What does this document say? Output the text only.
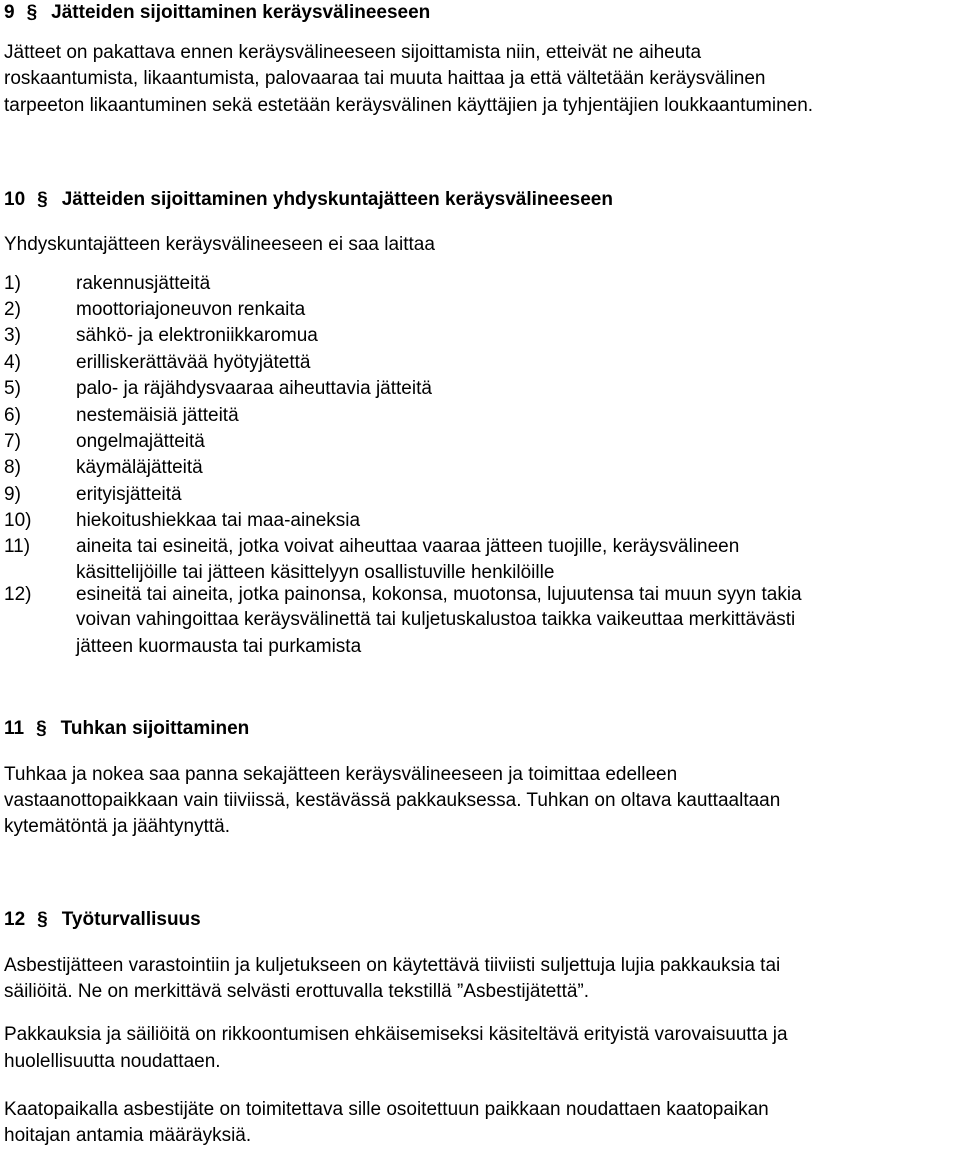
9 § Jätteiden sijoittaminen keräysvälineeseen
Jätteet on pakattava ennen keräysvälineeseen sijoittamista niin, etteivät ne aiheuta
roskaantumista, likaantumista, palovaaraa tai muuta haittaa ja että vältetään keräysvälinen
tarpeeton likaantuminen sekä estetään keräysvälinen käyttäjien ja tyhjentäjien loukkaantuminen.
10 § Jätteiden sijoittaminen yhdyskuntajätteen keräysvälineeseen
Yhdyskuntajätteen keräysvälineeseen ei saa laittaa
1)	rakennusjätteitä
2)	moottoriajoneuvon renkaita
3)	sähkö- ja elektroniikkaromua
4)	erilliskerättävää hyötyjätettä
5)	palo- ja räjähdysvaaraa aiheuttavia jätteitä
6)	nestemäisiä jätteitä
7)	ongelmajätteitä
8)	käymäläjätteitä
9)	erityisjätteitä
10) hiekoitushiekkaa tai maa-aineksia
11) aineita tai esineitä, jotka voivat aiheuttaa vaaraa jätteen tuojille, keräysvälineen
käsittelijöille tai jätteen käsittelyyn osallistuville henkilöille
12) esineitä tai aineita, jotka painonsa, kokonsa, muotonsa, lujuutensa tai muun syyn takia
voivan vahingoittaa keräysvälinettä tai kuljetuskalustoa taikka vaikeuttaa merkittävästi
jätteen kuormausta tai purkamista
11 § Tuhkan sijoittaminen
Tuhkaa ja nokea saa panna sekajätteen keräysvälineeseen ja toimittaa edelleen
vastaanottopaikkaan vain tiiviissä, kestävässä pakkauksessa. Tuhkan on oltava kauttaaltaan
kytemätöntä ja jäähtynyttä.
12 § Työturvallisuus
Asbestijätteen varastointiin ja kuljetukseen on käytettävä tiiviisti suljettuja lujia pakkauksia tai
säiliöitä. Ne on merkittävä selvästi erottuvalla tekstillä ”Asbestijätettä”.
Pakkauksia ja säiliöitä on rikkoontumisen ehkäisemiseksi käsiteltävä erityistä varovaisuutta ja
huolellisuutta noudattaen.
Kaatopaikalla asbestijäte on toimitettava sille osoitettuun paikkaan noudattaen kaatopaikan
hoitajan antamia määräyksiä.
